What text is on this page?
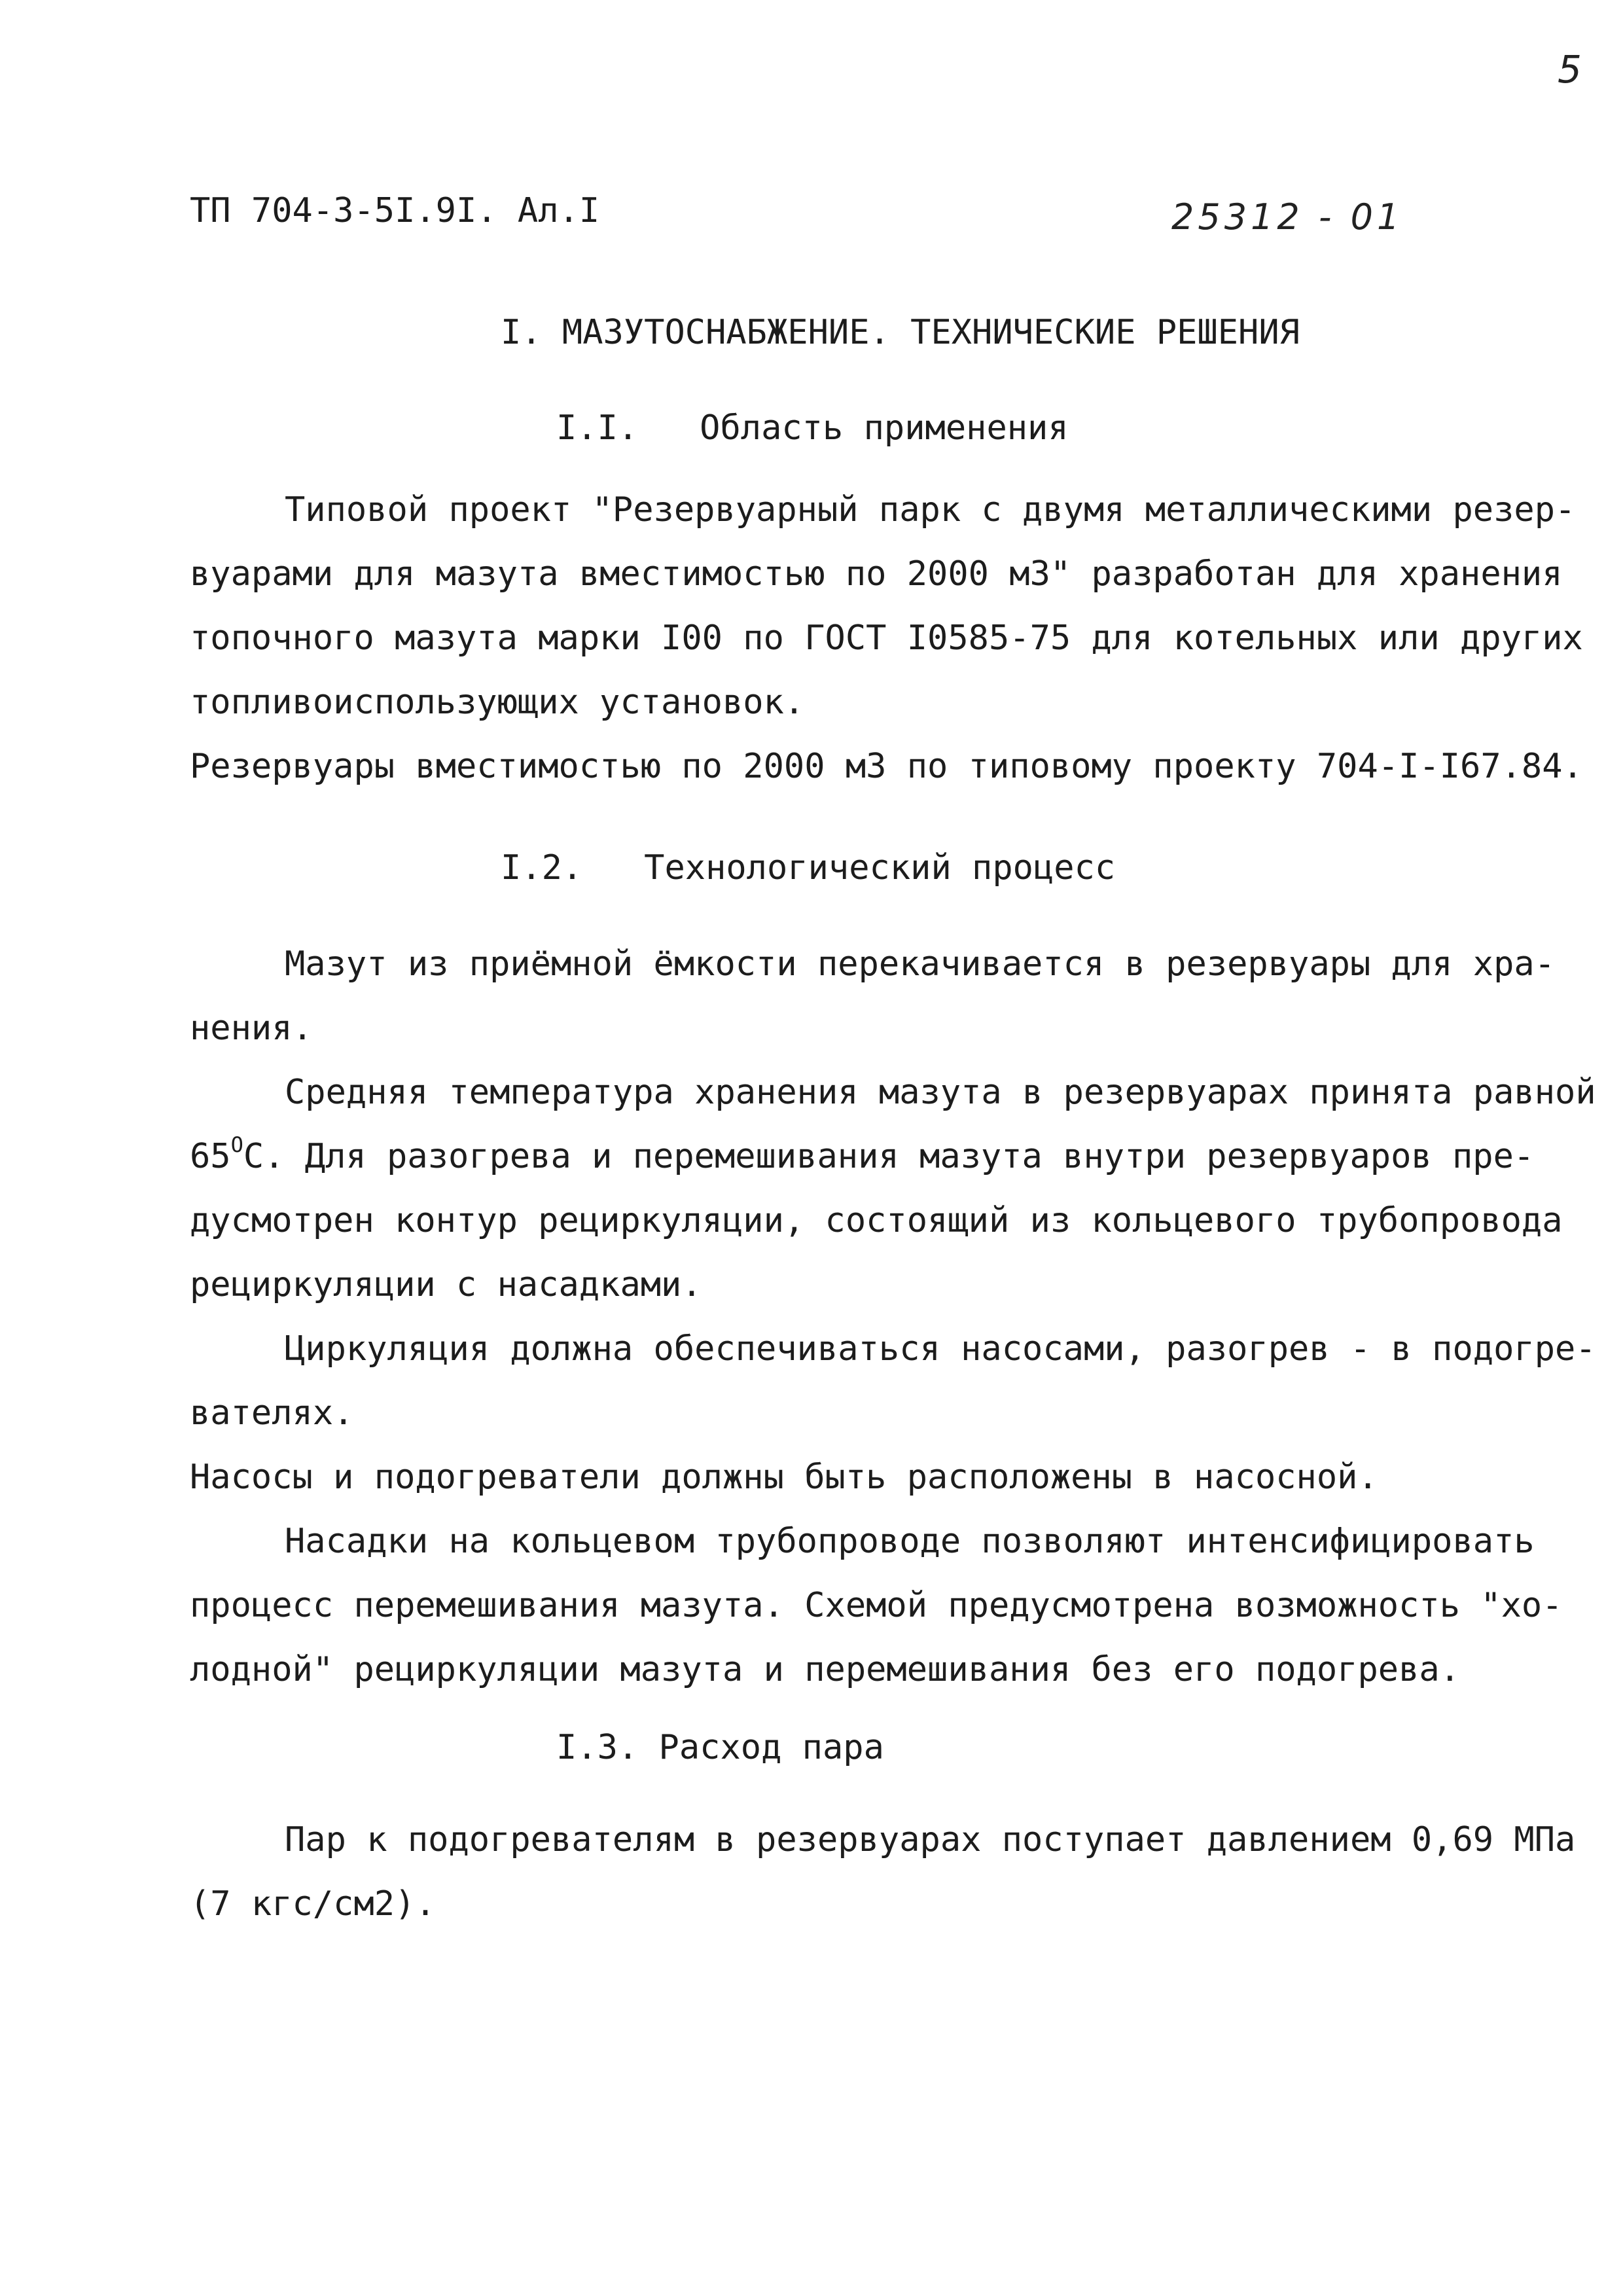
5
ТП 704-3-5I.9I. Ал.I	25312 - 01
I. МАЗУТОСНАБЖЕНИЕ. ТЕХНИЧЕСКИЕ РЕШЕНИЯ
I.I.   Область применения
Типовой проект "Резервуарный парк с двумя металлическими резер-
вуарами для мазута вместимостью по 2000 м3" разработан для хранения
топочного мазута марки I00 по ГОСТ I0585-75 для котельных или других
топливоиспользующих установок.
Резервуары вместимостью по 2000 м3 по типовому проекту 704-I-I67.84.
I.2.   Технологический процесс
Мазут из приёмной ёмкости перекачивается в резервуары для хра-
нения.
Средняя температура хранения мазута в резервуарах принята равной
$65^OC$. Для разогрева и перемешивания мазута внутри резервуаров пре-
дусмотрен контур рециркуляции, состоящий из кольцевого трубопровода
рециркуляции с насадками.
Циркуляция должна обеспечиваться насосами, разогрев - в подогре-
вателях.
Насосы и подогреватели должны быть расположены в насосной.
Насадки на кольцевом трубопроводе позволяют интенсифицировать
процесс перемешивания мазута. Схемой предусмотрена возможность "хо-
лодной" рециркуляции мазута и перемешивания без его подогрева.
I.3. Расход пара
Пар к подогревателям в резервуарах поступает давлением 0,69 МПа
(7 кгс/см2).
